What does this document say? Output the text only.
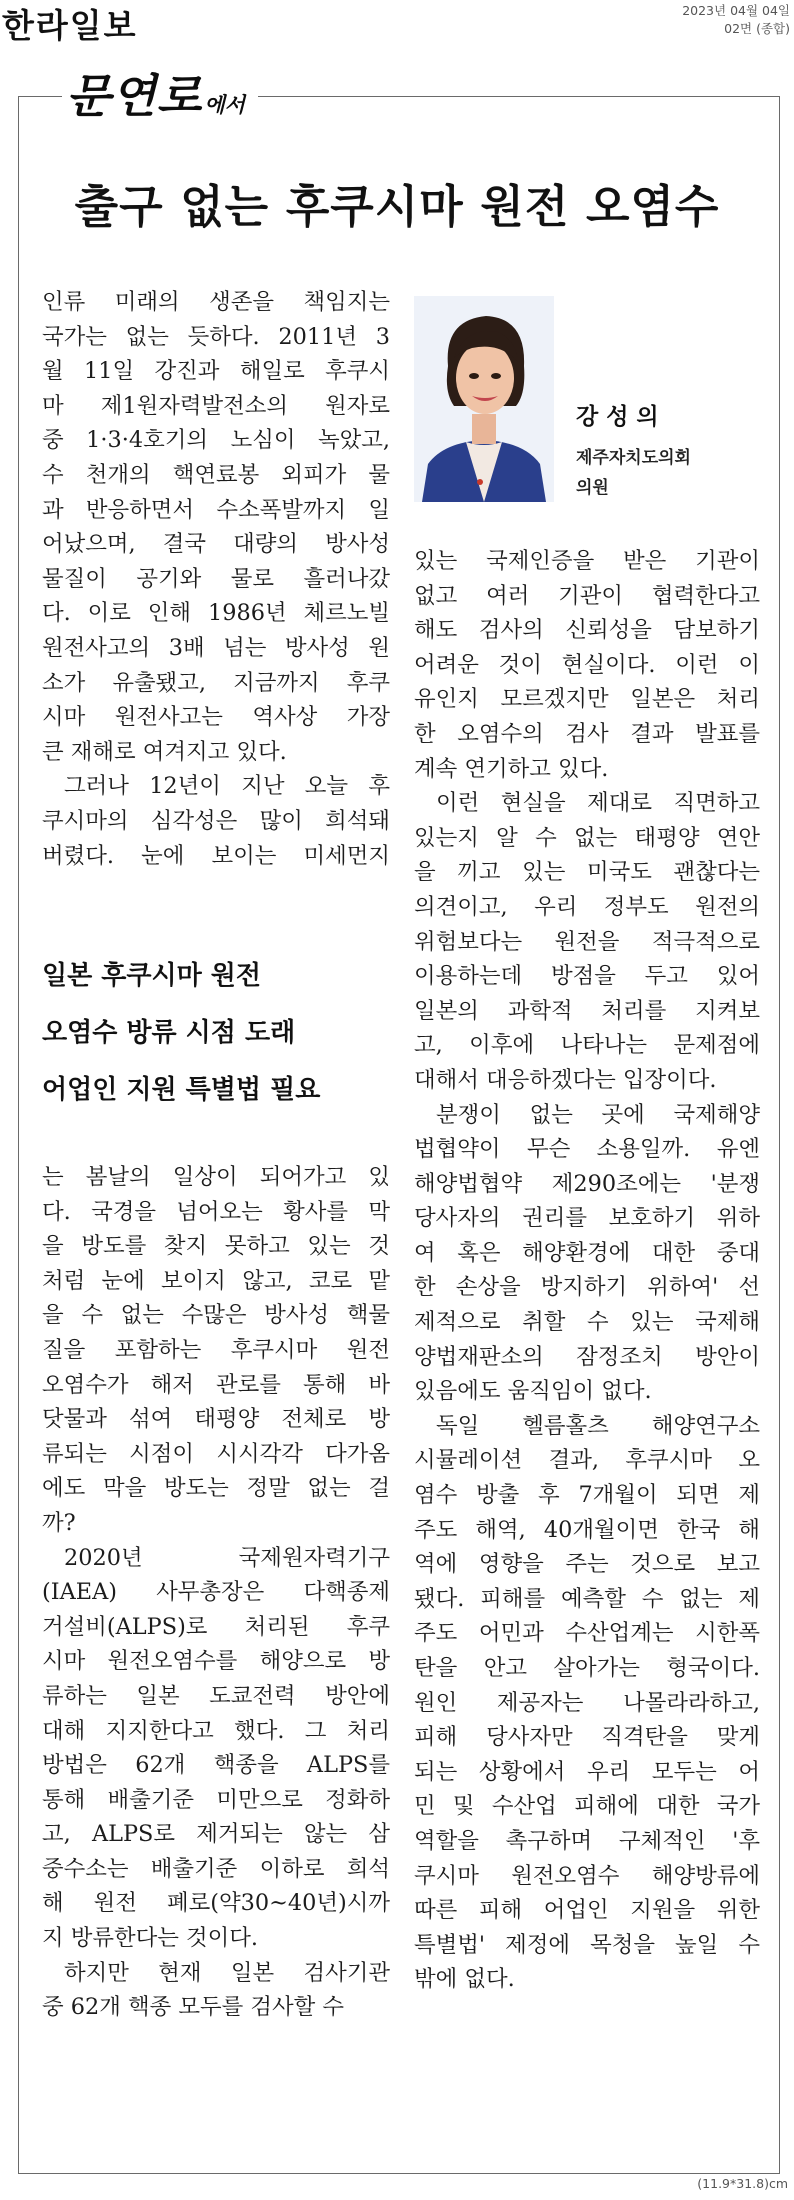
한라일보	2023년 04월 04일
02면 (종합)
문연로에서
출구 없는 후쿠시마 원전 오염수
인류 미래의 생존을 책임지는
국가는 없는 듯하다. 2011년 3
월 11일 강진과 해일로 후쿠시
마 제1원자력발전소의 원자로
중 1·3·4호기의 노심이 녹았고,
수 천개의 핵연료봉 외피가 물
과 반응하면서 수소폭발까지 일
어났으며, 결국 대량의 방사성
물질이 공기와 물로 흘러나갔
다. 이로 인해 1986년 체르노빌
원전사고의 3배 넘는 방사성 원
소가 유출됐고, 지금까지 후쿠
시마 원전사고는 역사상 가장
큰 재해로 여겨지고 있다.
그러나 12년이 지난 오늘 후
쿠시마의 심각성은 많이 희석돼
버렸다. 눈에 보이는 미세먼지
일본 후쿠시마 원전
오염수 방류 시점 도래
어업인 지원 특별법 필요
는 봄날의 일상이 되어가고 있
다. 국경을 넘어오는 황사를 막
을 방도를 찾지 못하고 있는 것
처럼 눈에 보이지 않고, 코로 맡
을 수 없는 수많은 방사성 핵물
질을 포함하는 후쿠시마 원전
오염수가 해저 관로를 통해 바
닷물과 섞여 태평양 전체로 방
류되는 시점이 시시각각 다가옴
에도 막을 방도는 정말 없는 걸
까?
2020년 국제원자력기구
(IAEA) 사무총장은 다핵종제
거설비(ALPS)로 처리된 후쿠
시마 원전오염수를 해양으로 방
류하는 일본 도쿄전력 방안에
대해 지지한다고 했다. 그 처리
방법은 62개 핵종을 ALPS를
통해 배출기준 미만으로 정화하
고, ALPS로 제거되는 않는 삼
중수소는 배출기준 이하로 희석
해 원전 폐로(약30~40년)시까
지 방류한다는 것이다.
하지만 현재 일본 검사기관
중 62개 핵종 모두를 검사할 수
강성의
제주자치도의회
의원
있는 국제인증을 받은 기관이
없고 여러 기관이 협력한다고
해도 검사의 신뢰성을 담보하기
어려운 것이 현실이다. 이런 이
유인지 모르겠지만 일본은 처리
한 오염수의 검사 결과 발표를
계속 연기하고 있다.
이런 현실을 제대로 직면하고
있는지 알 수 없는 태평양 연안
을 끼고 있는 미국도 괜찮다는
의견이고, 우리 정부도 원전의
위험보다는 원전을 적극적으로
이용하는데 방점을 두고 있어
일본의 과학적 처리를 지켜보
고, 이후에 나타나는 문제점에
대해서 대응하겠다는 입장이다.
분쟁이 없는 곳에 국제해양
법협약이 무슨 소용일까. 유엔
해양법협약 제290조에는 '분쟁
당사자의 권리를 보호하기 위하
여 혹은 해양환경에 대한 중대
한 손상을 방지하기 위하여' 선
제적으로 취할 수 있는 국제해
양법재판소의 잠정조치 방안이
있음에도 움직임이 없다.
독일 헬름홀츠 해양연구소
시뮬레이션 결과, 후쿠시마 오
염수 방출 후 7개월이 되면 제
주도 해역, 40개월이면 한국 해
역에 영향을 주는 것으로 보고
됐다. 피해를 예측할 수 없는 제
주도 어민과 수산업계는 시한폭
탄을 안고 살아가는 형국이다.
원인 제공자는 나몰라라하고,
피해 당사자만 직격탄을 맞게
되는 상황에서 우리 모두는 어
민 및 수산업 피해에 대한 국가
역할을 촉구하며 구체적인 '후
쿠시마 원전오염수 해양방류에
따른 피해 어업인 지원을 위한
특별법' 제정에 목청을 높일 수
밖에 없다.
(11.9*31.8)cm
